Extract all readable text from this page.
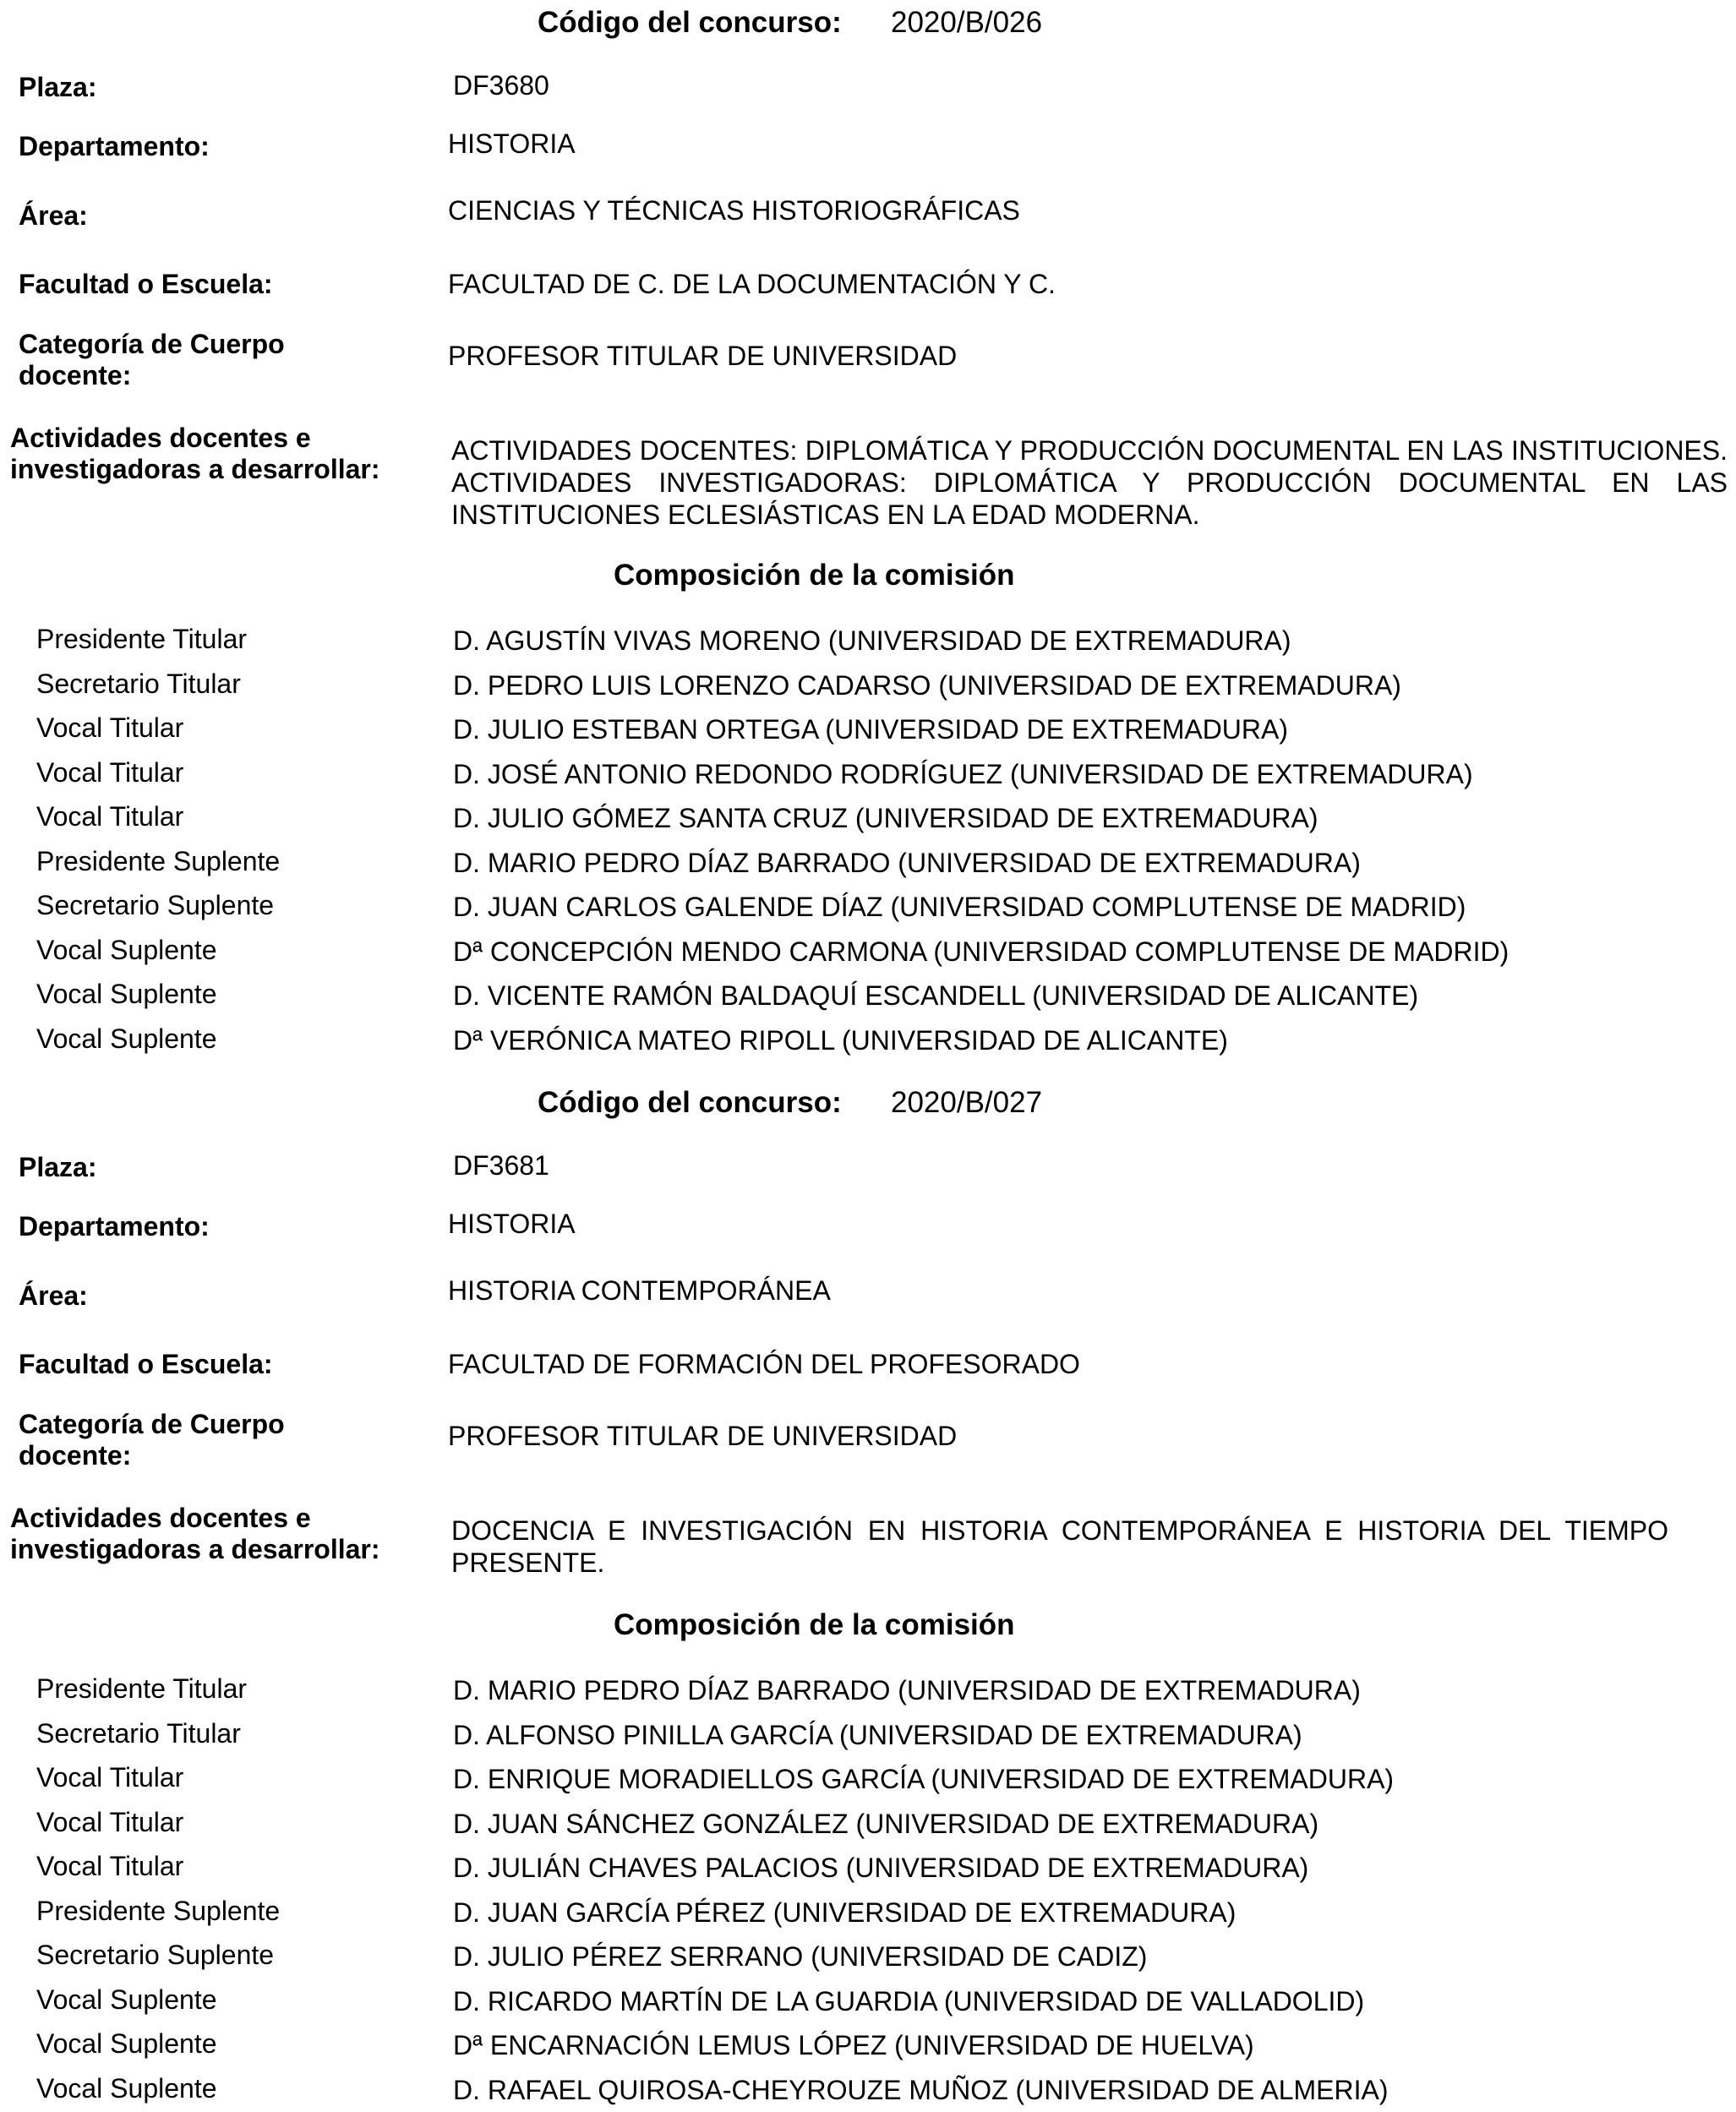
Código del concurso: 2020/B/026
Plaza:	DF3680
Departamento:	HISTORIA
Área:	CIENCIAS Y TÉCNICAS HISTORIOGRÁFICAS
Facultad o Escuela:	FACULTAD DE C. DE LA DOCUMENTACIÓN Y C.
Categoría de Cuerpo
docente:
PROFESOR TITULAR DE UNIVERSIDAD
Actividades docentes e
investigadoras a desarrollar:
ACTIVIDADES DOCENTES: DIPLOMÁTICA Y PRODUCCIÓN DOCUMENTAL EN LAS INSTITUCIONES. ACTIVIDADES INVESTIGADORAS: DIPLOMÁTICA Y PRODUCCIÓN DOCUMENTAL EN LAS INSTITUCIONES ECLESIÁSTICAS EN LA EDAD MODERNA.
Composición de la comisión
Presidente Titular	D. AGUSTÍN VIVAS MORENO (UNIVERSIDAD DE EXTREMADURA)
Secretario Titular	D. PEDRO LUIS LORENZO CADARSO (UNIVERSIDAD DE EXTREMADURA)
Vocal Titular	D. JULIO ESTEBAN ORTEGA (UNIVERSIDAD DE EXTREMADURA)
Vocal Titular	D. JOSÉ ANTONIO REDONDO RODRÍGUEZ (UNIVERSIDAD DE EXTREMADURA)
Vocal Titular	D. JULIO GÓMEZ SANTA CRUZ (UNIVERSIDAD DE EXTREMADURA)
Presidente Suplente	D. MARIO PEDRO DÍAZ BARRADO (UNIVERSIDAD DE EXTREMADURA)
Secretario Suplente	D. JUAN CARLOS GALENDE DÍAZ (UNIVERSIDAD COMPLUTENSE DE MADRID)
Vocal Suplente	Dª CONCEPCIÓN MENDO CARMONA (UNIVERSIDAD COMPLUTENSE DE MADRID)
Vocal Suplente	D. VICENTE RAMÓN BALDAQUÍ ESCANDELL (UNIVERSIDAD DE ALICANTE)
Vocal Suplente	Dª VERÓNICA MATEO RIPOLL (UNIVERSIDAD DE ALICANTE)
Código del concurso: 2020/B/027
Plaza:	DF3681
Departamento:	HISTORIA
Área:	HISTORIA CONTEMPORÁNEA
Facultad o Escuela:	FACULTAD DE FORMACIÓN DEL PROFESORADO
Categoría de Cuerpo
docente:
PROFESOR TITULAR DE UNIVERSIDAD
Actividades docentes e
investigadoras a desarrollar:
DOCENCIA E INVESTIGACIÓN EN HISTORIA CONTEMPORÁNEA E HISTORIA DEL TIEMPO PRESENTE.
Composición de la comisión
Presidente Titular	D. MARIO PEDRO DÍAZ BARRADO (UNIVERSIDAD DE EXTREMADURA)
Secretario Titular	D. ALFONSO PINILLA GARCÍA (UNIVERSIDAD DE EXTREMADURA)
Vocal Titular	D. ENRIQUE MORADIELLOS GARCÍA (UNIVERSIDAD DE EXTREMADURA)
Vocal Titular	D. JUAN SÁNCHEZ GONZÁLEZ (UNIVERSIDAD DE EXTREMADURA)
Vocal Titular	D. JULIÁN CHAVES PALACIOS (UNIVERSIDAD DE EXTREMADURA)
Presidente Suplente	D. JUAN GARCÍA PÉREZ (UNIVERSIDAD DE EXTREMADURA)
Secretario Suplente	D. JULIO PÉREZ SERRANO (UNIVERSIDAD DE CADIZ)
Vocal Suplente	D. RICARDO MARTÍN DE LA GUARDIA (UNIVERSIDAD DE VALLADOLID)
Vocal Suplente	Dª ENCARNACIÓN LEMUS LÓPEZ (UNIVERSIDAD DE HUELVA)
Vocal Suplente	D. RAFAEL QUIROSA-CHEYROUZE MUÑOZ (UNIVERSIDAD DE ALMERIA)
